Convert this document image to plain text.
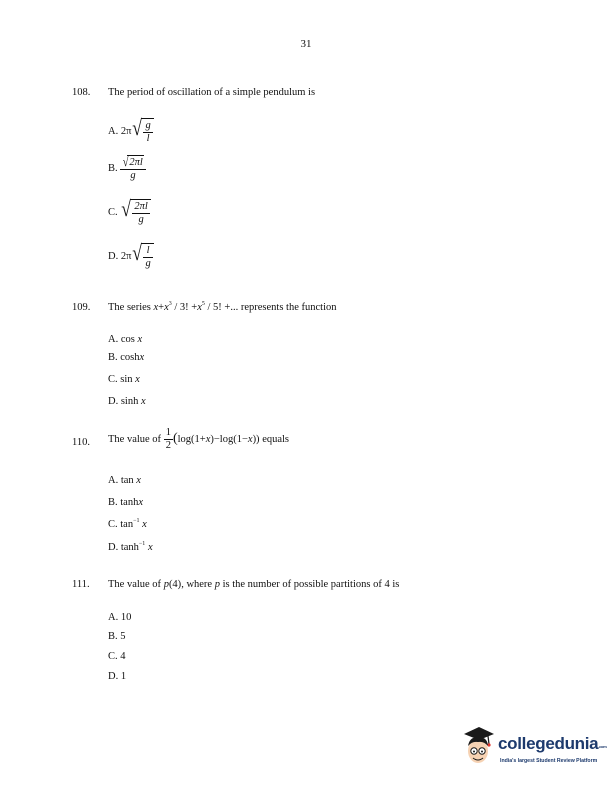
31
108. The period of oscillation of a simple pendulum is
A. 2π √ $\frac{g}{l}$
B. $\frac{√ 2\pi l}{g}$
C. √ $\frac{2\pi l}{g}$
D. 2π √ $\frac{l}{g}$
109. The series $x+x^3 / 3$! $+x^5 / 5$! +... represents the function
A. cos x
B. coshx
C. sin x
D. sinh x
110. The value of $\frac{1}{2} (\log(1+x)-\log(1-x))$ equals
A. tan x
B. tanhx
C. $\tan^{-1} x$
D. $\tanh^{-1} x$
111. The value of p(4), where p is the number of possible partitions of 4 is
A. 10
B. 5
C. 4
D. 1
collegedunia.com
India's largest Student Review Platform
